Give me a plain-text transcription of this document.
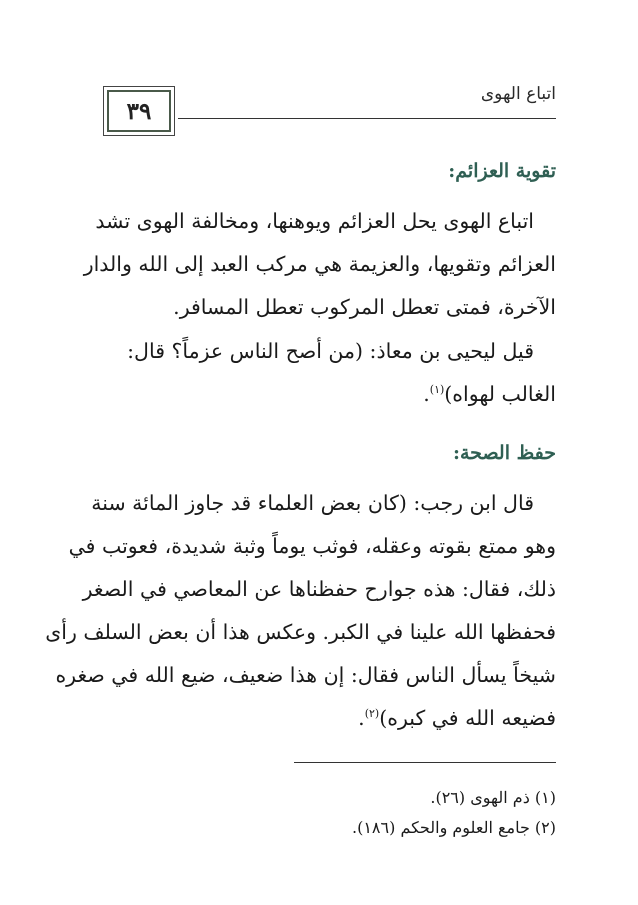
اتباع الهوى
٣٩
تقوية العزائم:
اتباع الهوى يحل العزائم ويوهنها، ومخالفة الهوى تشد
العزائم وتقويها، والعزيمة هي مركب العبد إلى الله والدار
الآخرة، فمتى تعطل المركوب تعطل المسافر.
قيل ليحيى بن معاذ: (من أصح الناس عزماً؟ قال:
الغالب لهواه)$^{(١)}$.
حفظ الصحة:
قال ابن رجب: (كان بعض العلماء قد جاوز المائة سنة
وهو ممتع بقوته وعقله، فوثب يوماً وثبة شديدة، فعوتب في
ذلك، فقال: هذه جوارح حفظناها عن المعاصي في الصغر
فحفظها الله علينا في الكبر. وعكس هذا أن بعض السلف رأى
شيخاً يسأل الناس فقال: إن هذا ضعيف، ضيع الله في صغره
فضيعه الله في كبره)$^{(٢)}$.
(١) ذم الهوى (٢٦).
(٢) جامع العلوم والحكم (١٨٦).
